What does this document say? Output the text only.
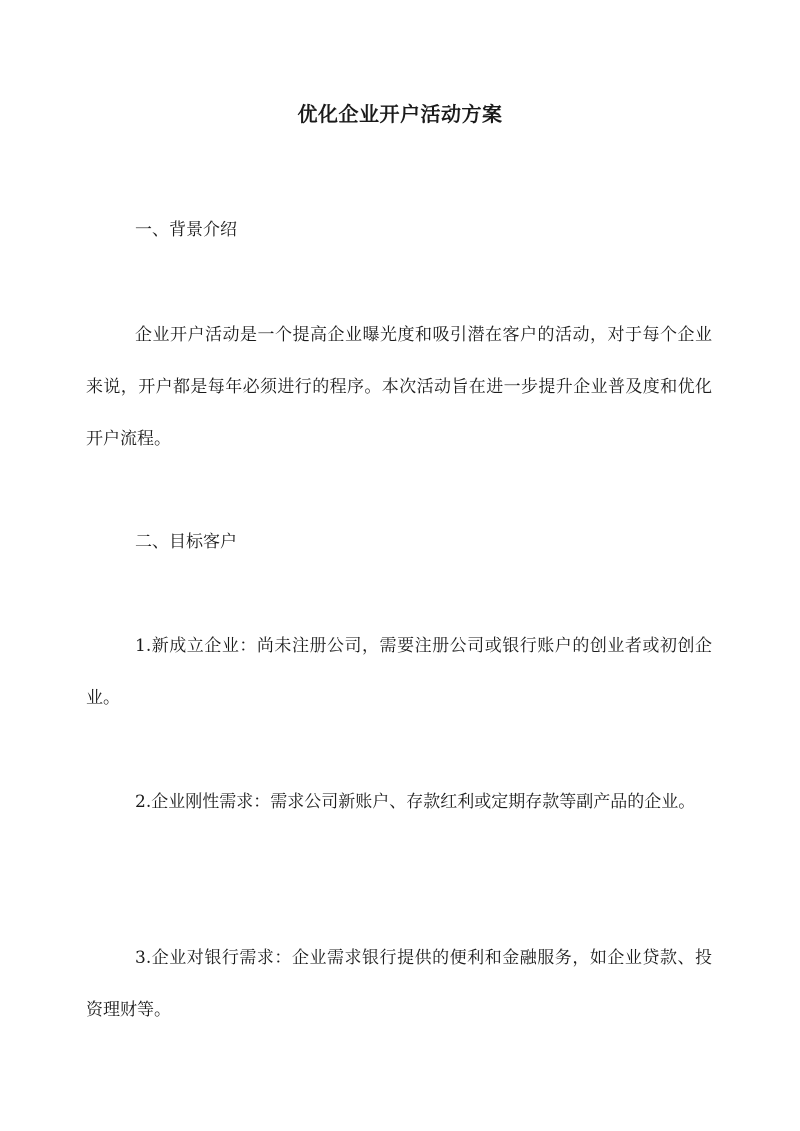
优化企业开户活动方案
一、背景介绍
企业开户活动是一个提高企业曝光度和吸引潜在客户的活动，对于每个企业来说，开户都是每年必须进行的程序。本次活动旨在进一步提升企业普及度和优化开户流程。
二、目标客户
1.新成立企业：尚未注册公司，需要注册公司或银行账户的创业者或初创企业。
2.企业刚性需求：需求公司新账户、存款红利或定期存款等副产品的企业。
3.企业对银行需求：企业需求银行提供的便利和金融服务，如企业贷款、投资理财等。
